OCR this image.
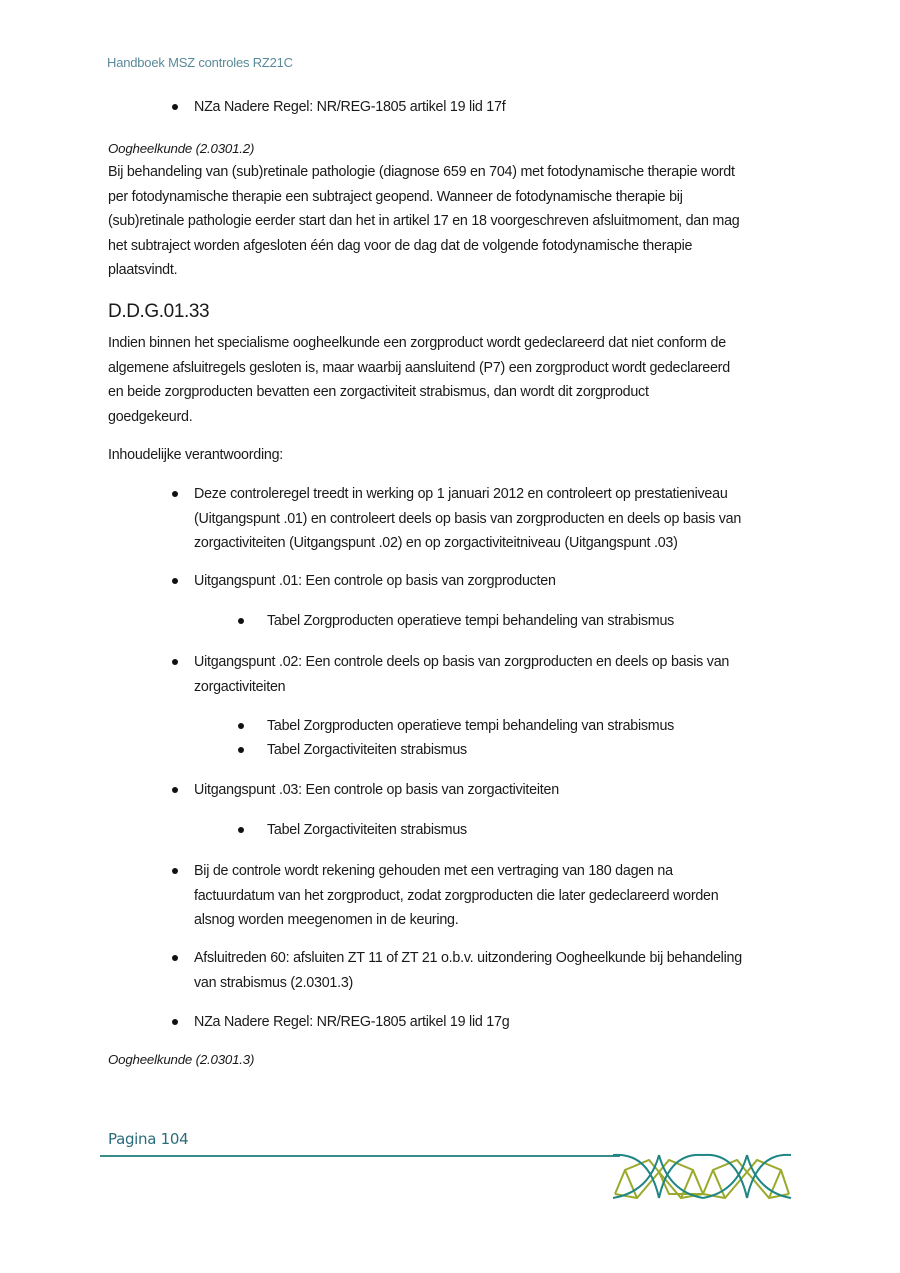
Handboek MSZ controles RZ21C
NZa Nadere Regel: NR/REG-1805 artikel 19 lid 17f
Oogheelkunde (2.0301.2)
Bij behandeling van (sub)retinale pathologie (diagnose 659 en 704) met fotodynamische therapie wordt
per fotodynamische therapie een subtraject geopend. Wanneer de fotodynamische therapie bij
(sub)retinale pathologie eerder start dan het in artikel 17 en 18 voorgeschreven afsluitmoment, dan mag
het subtraject worden afgesloten één dag voor de dag dat de volgende fotodynamische therapie
plaatsvindt.
D.D.G.01.33
Indien binnen het specialisme oogheelkunde een zorgproduct wordt gedeclareerd dat niet conform de
algemene afsluitregels gesloten is, maar waarbij aansluitend (P7) een zorgproduct wordt gedeclareerd
en beide zorgproducten bevatten een zorgactiviteit strabismus, dan wordt dit zorgproduct
goedgekeurd.
Inhoudelijke verantwoording:
Deze controleregel treedt in werking op 1 januari 2012 en controleert op prestatieniveau
(Uitgangspunt .01) en controleert deels op basis van zorgproducten en deels op basis van
zorgactiviteiten (Uitgangspunt .02) en op zorgactiviteitniveau (Uitgangspunt .03)
Uitgangspunt .01: Een controle op basis van zorgproducten
Tabel Zorgproducten operatieve tempi behandeling van strabismus
Uitgangspunt .02: Een controle deels op basis van zorgproducten en deels op basis van
zorgactiviteiten
Tabel Zorgproducten operatieve tempi behandeling van strabismus
Tabel Zorgactiviteiten strabismus
Uitgangspunt .03: Een controle op basis van zorgactiviteiten
Tabel Zorgactiviteiten strabismus
Bij de controle wordt rekening gehouden met een vertraging van 180 dagen na
factuurdatum van het zorgproduct, zodat zorgproducten die later gedeclareerd worden
alsnog worden meegenomen in de keuring.
Afsluitreden 60: afsluiten ZT 11 of ZT 21 o.b.v. uitzondering Oogheelkunde bij behandeling
van strabismus (2.0301.3)
NZa Nadere Regel: NR/REG-1805 artikel 19 lid 17g
Oogheelkunde (2.0301.3)
Pagina 104
